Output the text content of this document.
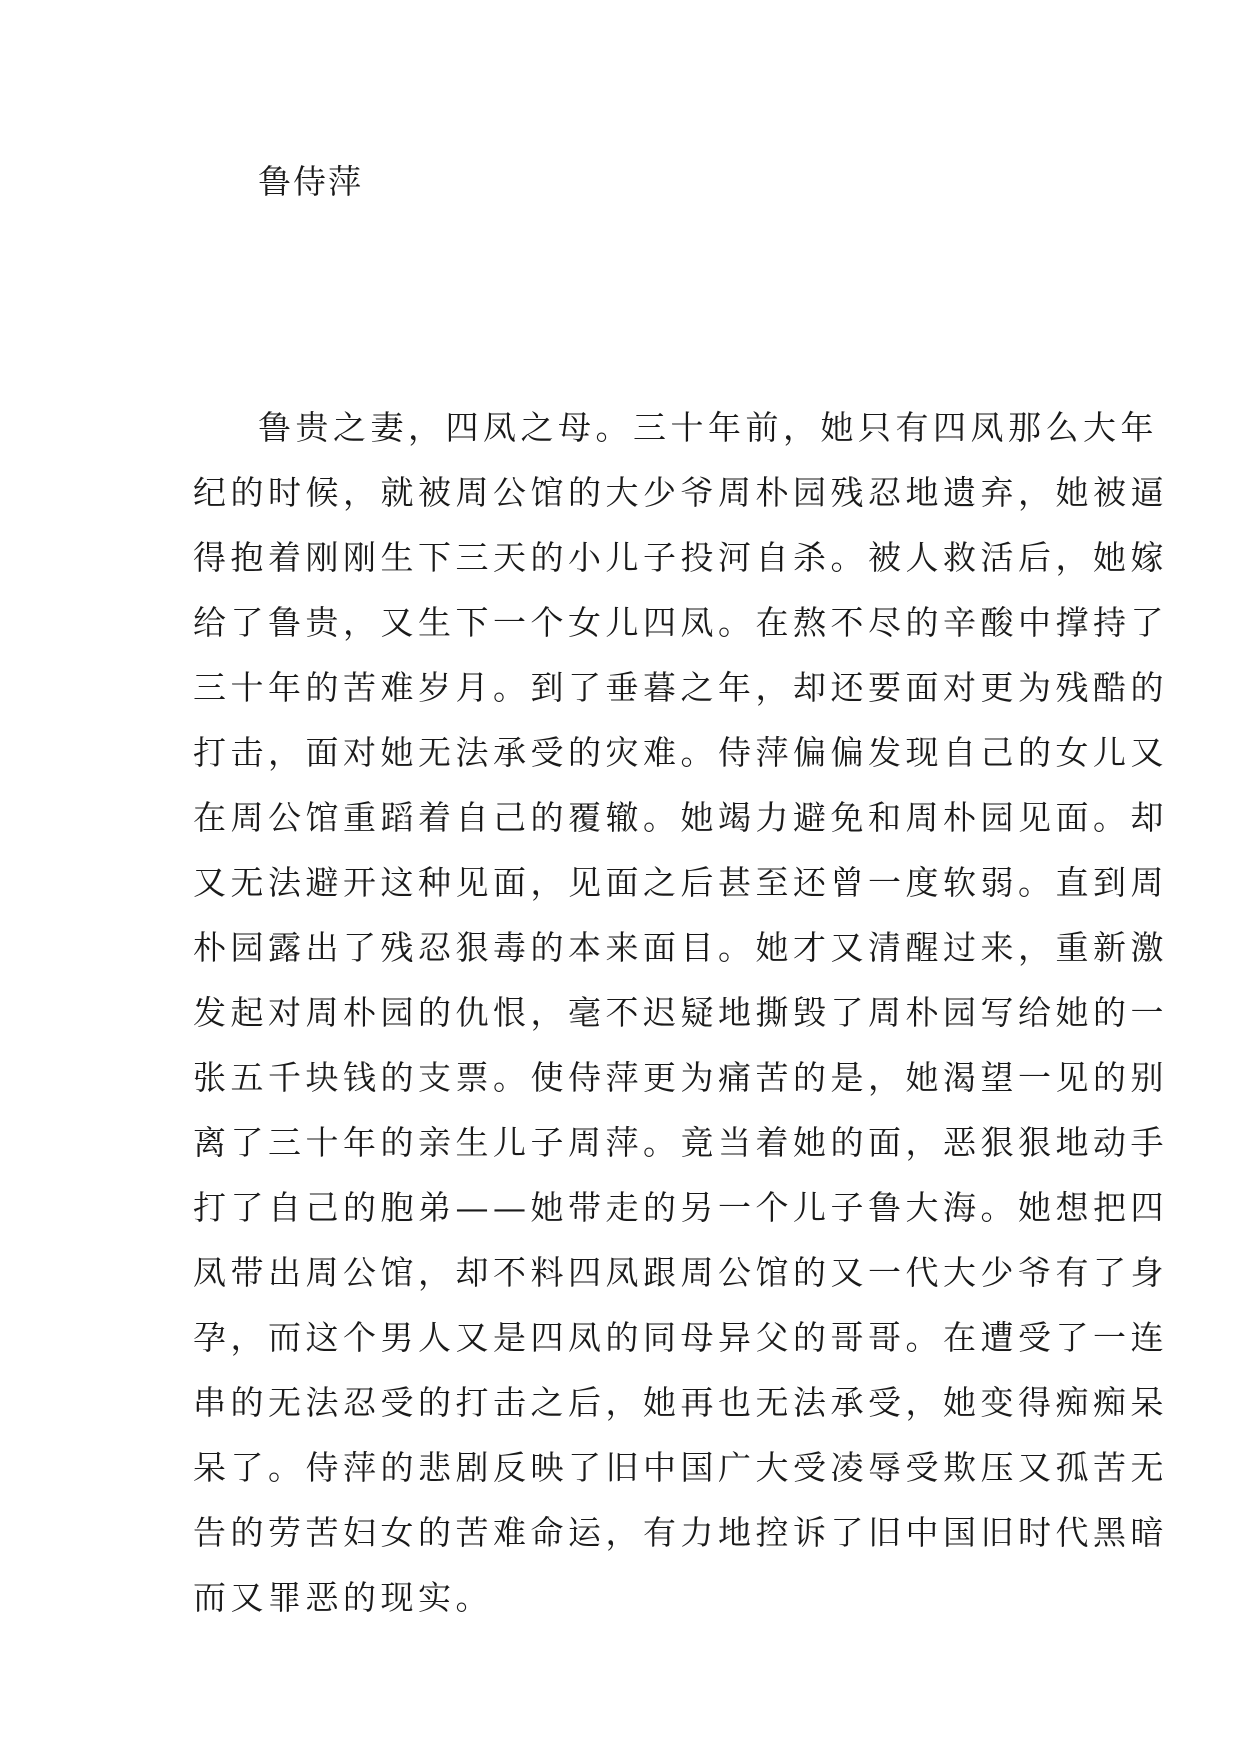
鲁侍萍
鲁贵之妻，四凤之母。三十年前，她只有四凤那么大年
纪的时候，就被周公馆的大少爷周朴园残忍地遗弃，她被逼
得抱着刚刚生下三天的小儿子投河自杀。被人救活后，她嫁
给了鲁贵，又生下一个女儿四凤。在熬不尽的辛酸中撑持了
三十年的苦难岁月。到了垂暮之年，却还要面对更为残酷的
打击，面对她无法承受的灾难。侍萍偏偏发现自己的女儿又
在周公馆重蹈着自己的覆辙。她竭力避免和周朴园见面。却
又无法避开这种见面，见面之后甚至还曾一度软弱。直到周
朴园露出了残忍狠毒的本来面目。她才又清醒过来，重新激
发起对周朴园的仇恨，毫不迟疑地撕毁了周朴园写给她的一
张五千块钱的支票。使侍萍更为痛苦的是，她渴望一见的别
离了三十年的亲生儿子周萍。竟当着她的面，恶狠狠地动手
打了自己的胞弟——她带走的另一个儿子鲁大海。她想把四
凤带出周公馆，却不料四凤跟周公馆的又一代大少爷有了身
孕，而这个男人又是四凤的同母异父的哥哥。在遭受了一连
串的无法忍受的打击之后，她再也无法承受，她变得痴痴呆
呆了。侍萍的悲剧反映了旧中国广大受凌辱受欺压又孤苦无
告的劳苦妇女的苦难命运，有力地控诉了旧中国旧时代黑暗
而又罪恶的现实。
